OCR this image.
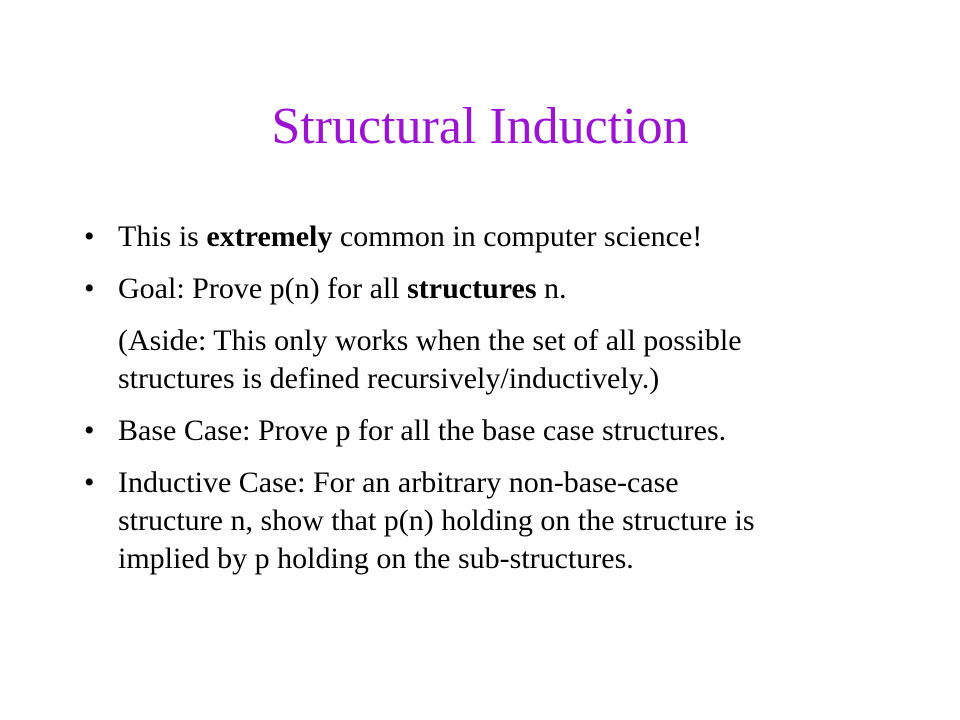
Structural Induction
• This is extremely common in computer science!
• Goal: Prove p(n) for all structures n.
(Aside: This only works when the set of all possible
structures is defined recursively/inductively.)
• Base Case: Prove p for all the base case structures.
• Inductive Case: For an arbitrary non-base-case
structure n, show that p(n) holding on the structure is
implied by p holding on the sub-structures.
